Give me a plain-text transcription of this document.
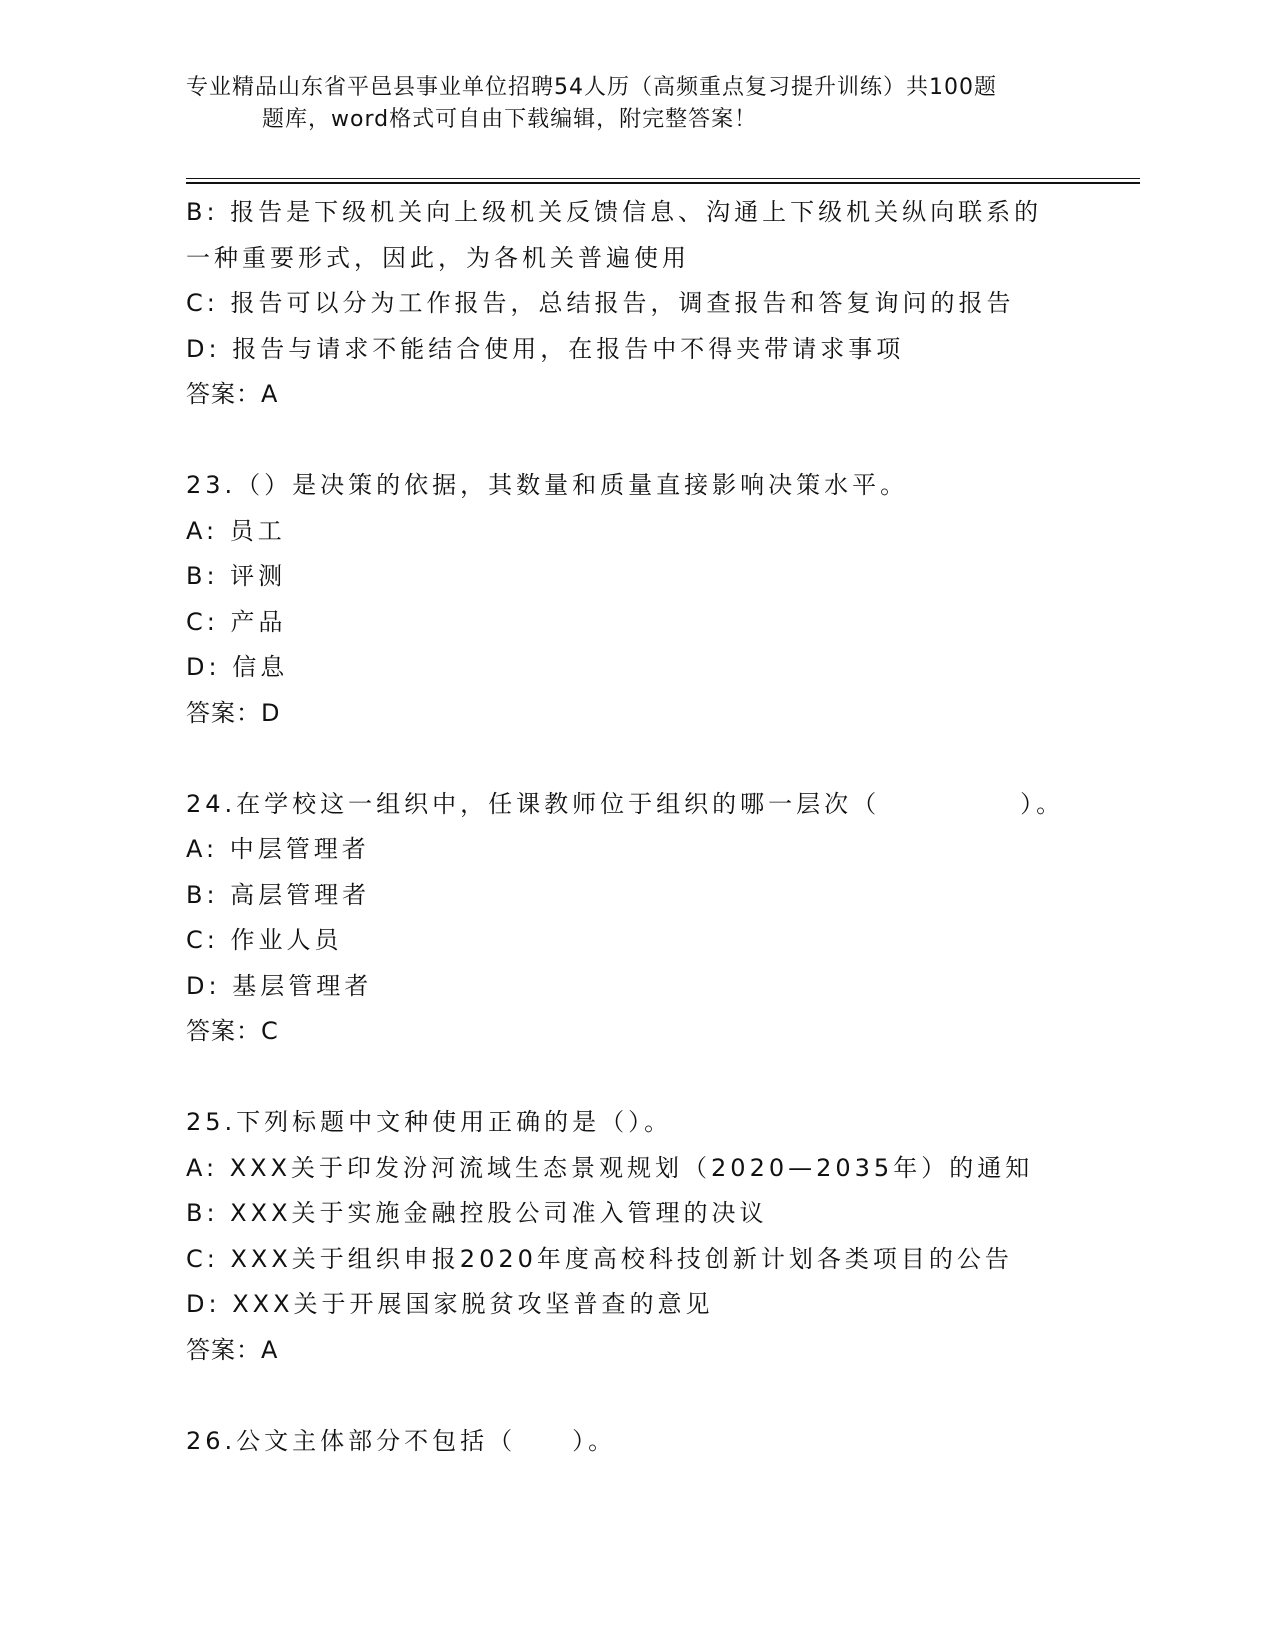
专业精品山东省平邑县事业单位招聘54人历（高频重点复习提升训练）共100题
题库，word格式可自由下载编辑，附完整答案！
B: 报告是下级机关向上级机关反馈信息、沟通上下级机关纵向联系的
一种重要形式，因此，为各机关普遍使用
C: 报告可以分为工作报告，总结报告，调查报告和答复询问的报告
D: 报告与请求不能结合使用，在报告中不得夹带请求事项
答案：A
23.（）是决策的依据，其数量和质量直接影响决策水平。
A: 员工
B: 评测
C: 产品
D: 信息
答案：D
24.在学校这一组织中，任课教师位于组织的哪一层次（　　　　　）。
A: 中层管理者
B: 高层管理者
C: 作业人员
D: 基层管理者
答案：C
25.下列标题中文种使用正确的是（）。
A: XXX关于印发汾河流域生态景观规划（2020—2035年）的通知
B: XXX关于实施金融控股公司准入管理的决议
C: XXX关于组织申报2020年度高校科技创新计划各类项目的公告
D: XXX关于开展国家脱贫攻坚普查的意见
答案：A
26.公文主体部分不包括（　　）。
